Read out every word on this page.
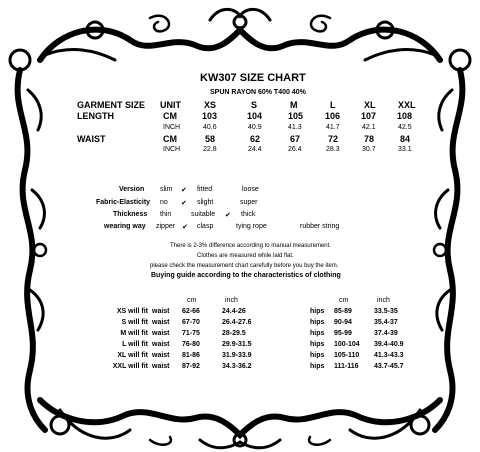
KW307 SIZE CHART
SPUN RAYON 60% T400 40%
GARMENT SIZE UNIT	XS	S	M	L	XL XXL
LENGTH	CM	103	104	105 106 107 108
INCH	40.6	40.9	41.3	41.7	42.1	42.5
WAIST	CM	58	62	67	72	78	84
INCH	22.8	24.4	26.4	28.3	30.7	33.1
Version slim ✔ fitted	loose
Fabric-Elasticity no ✔ slight	super
Thickness thin	suitable ✔ thick
wearing way zipper ✔ clasp	tying rope	rubber string
There is 2-3% difference according to manual measurement.
Clothes are measured while laid flat.
please check the measurement chart carefully before you buy the item.
Buying guide according to the characteristics of clothing
cm	inch	cm	inch
XS will fit waist 62-66	24.4-26	hips 85-89	33.5-35
S will fit waist 67-70	26.4-27.6	hips 90-94	35.4-37
M will fit waist 71-75	28-29.5	hips 95-99	37.4-39
L will fit waist 76-80	29.9-31.5	hips 100-104 39.4-40.9
XL will fit waist 81-86	31.9-33.9	hips 105-110 41.3-43.3
XXL will fit waist 87-92	34.3-36.2	hips 111-116 43.7-45.7
